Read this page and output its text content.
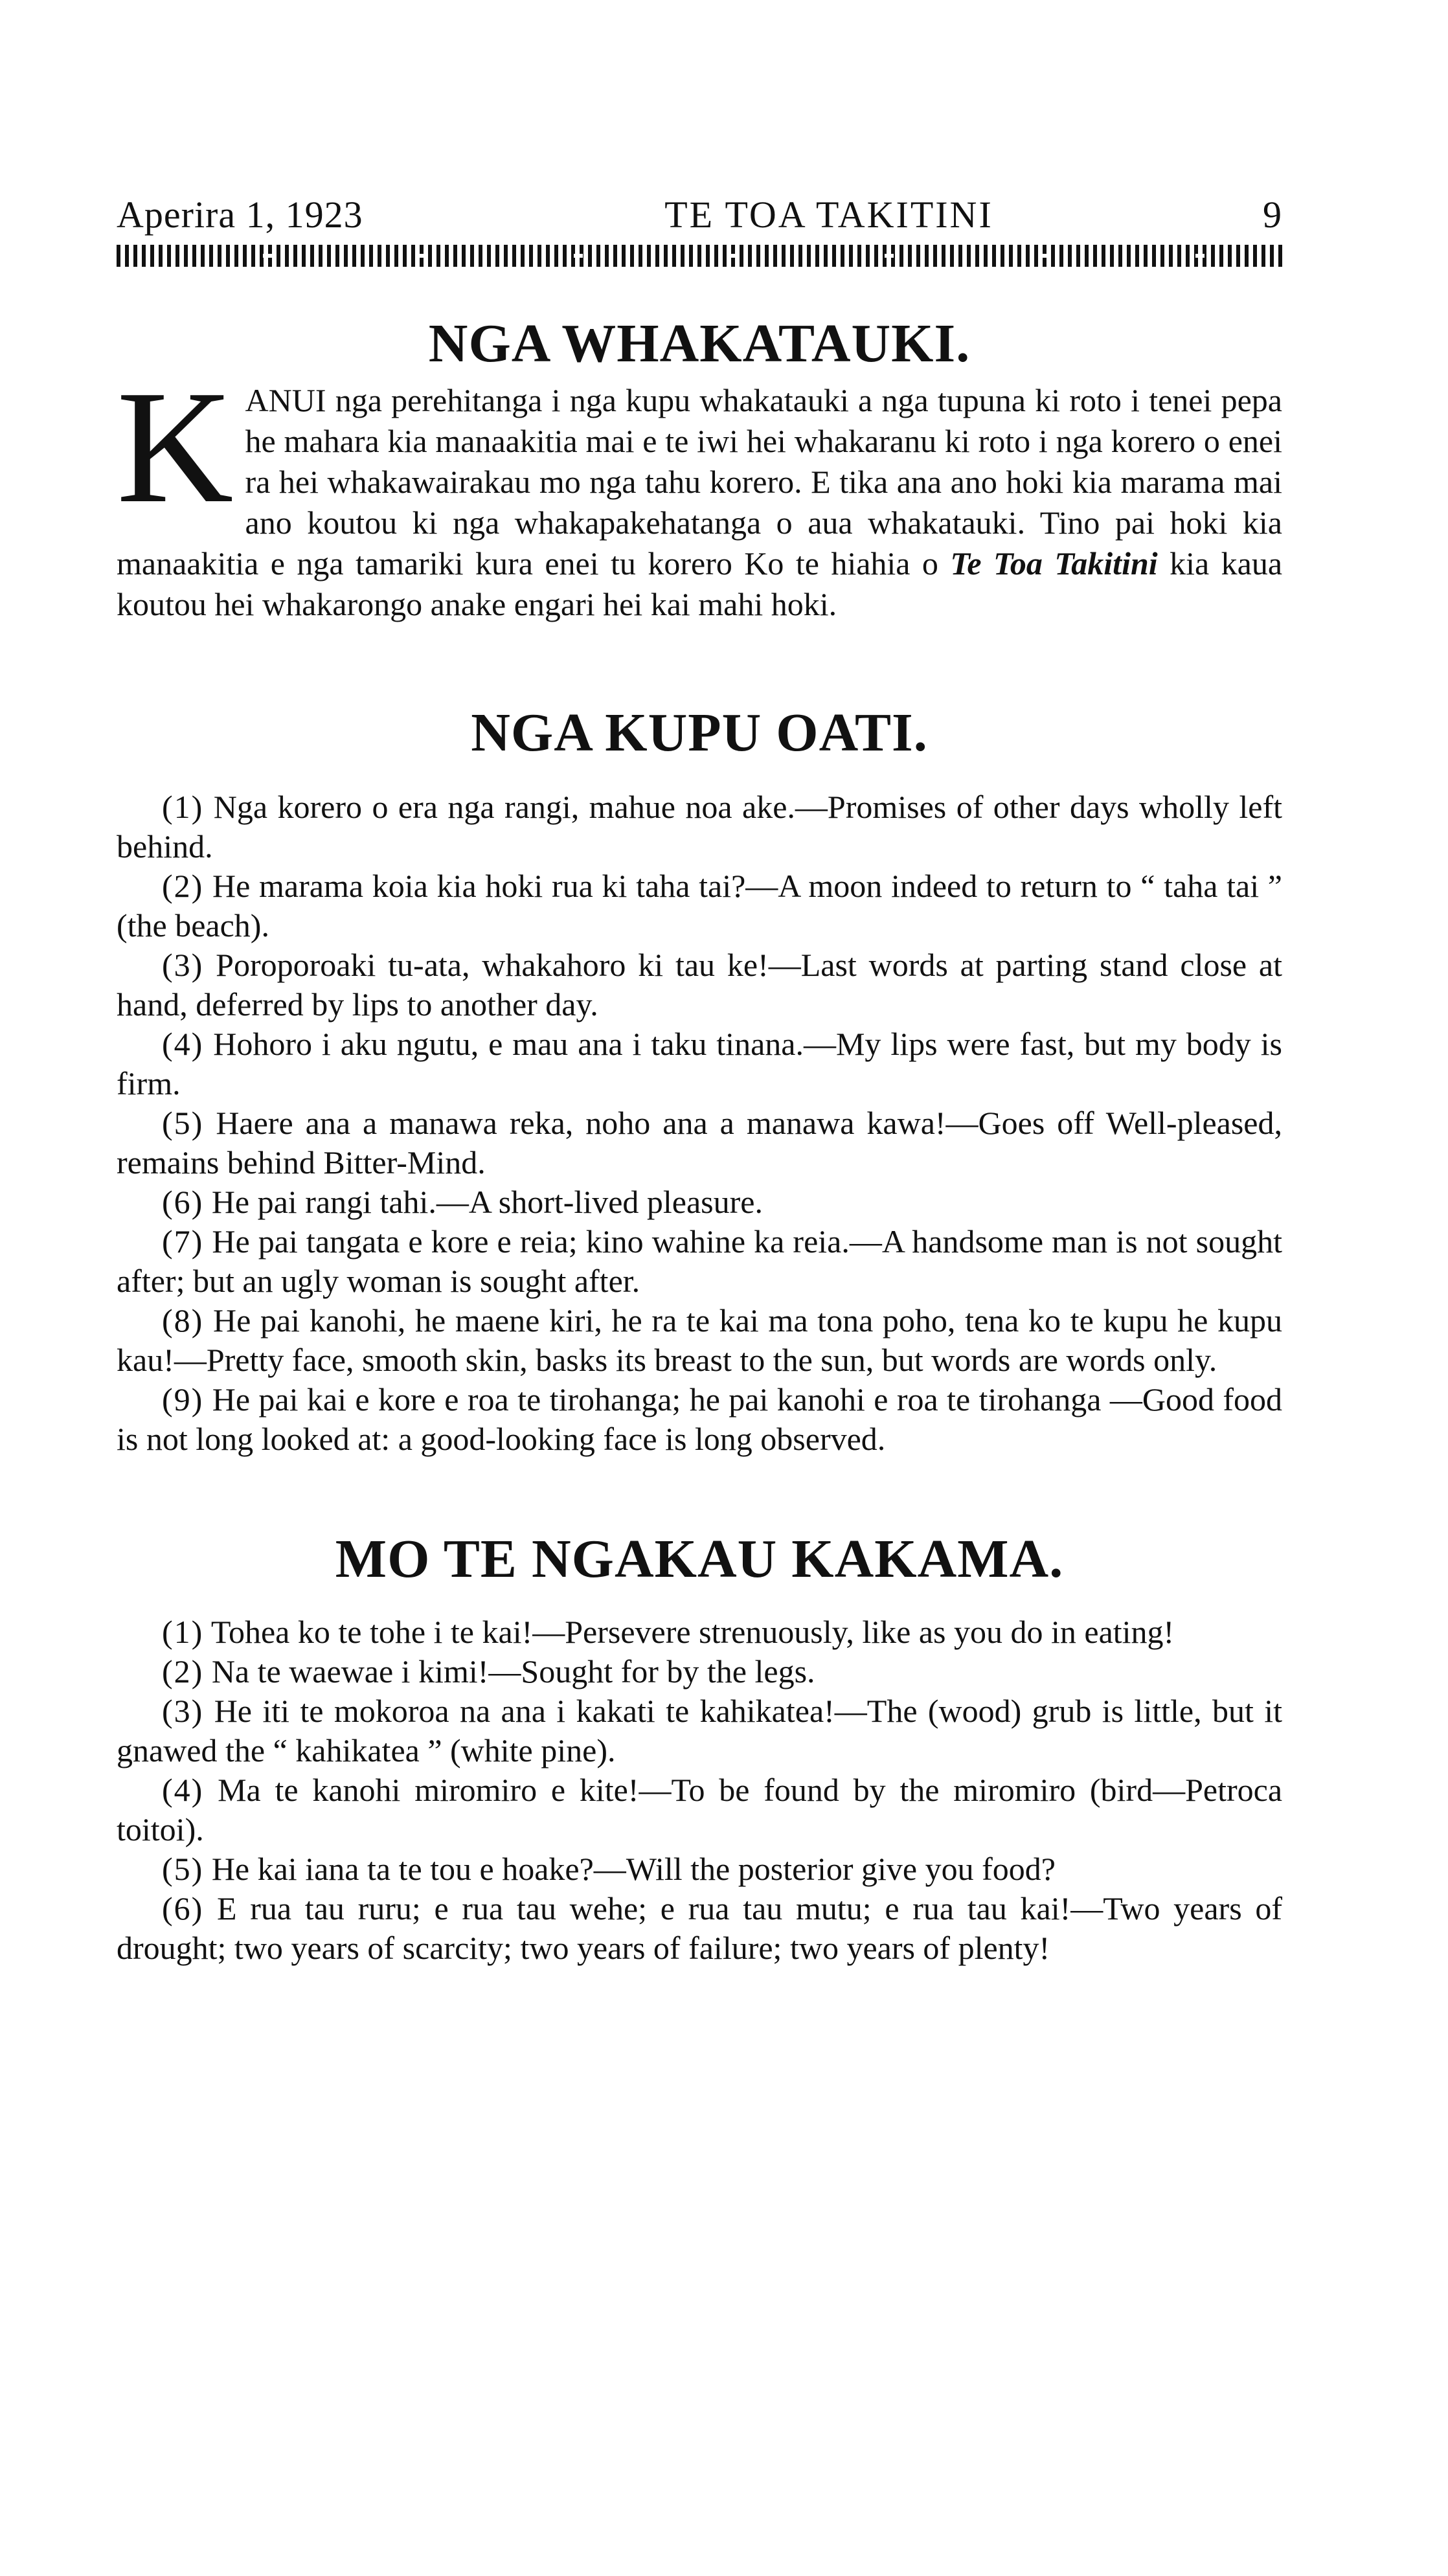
Aperira 1, 1923	TE TOA TAKITINI	9
NGA WHAKATAUKI.

KANUI nga perehitanga i nga kupu whakatauki a nga tupuna ki roto i tenei pepa he mahara kia manaakitia mai e te iwi hei whakaranu ki roto i nga korero o enei ra hei whakawairakau mo nga tahu korero. E tika ana ano hoki kia marama mai ano koutou ki nga whakapakehatanga o aua whakatauki. Tino pai hoki kia manaakitia e nga tamariki kura enei tu korero Ko te hiahia o Te Toa Takitini kia kaua koutou hei whakarongo anake engari hei kai mahi hoki.

NGA KUPU OATI.

(1) Nga korero o era nga rangi, mahue noa ake.—Promises of other days wholly left behind.

(2) He marama koia kia hoki rua ki taha tai?—A moon indeed to return to “ taha tai ” (the beach).

(3) Poroporoaki tu-ata, whakahoro ki tau ke!—Last words at parting stand close at hand, deferred by lips to another day.

(4) Hohoro i aku ngutu, e mau ana i taku tinana.—My lips were fast, but my body is firm.

(5) Haere ana a manawa reka, noho ana a manawa kawa!—Goes off Well-pleased, remains behind Bitter-Mind.

(6) He pai rangi tahi.—A short-lived pleasure.

(7) He pai tangata e kore e reia; kino wahine ka reia.—A handsome man is not sought after; but an ugly woman is sought after.

(8) He pai kanohi, he maene kiri, he ra te kai ma tona poho, tena ko te kupu he kupu kau!—Pretty face, smooth skin, basks its breast to the sun, but words are words only.

(9) He pai kai e kore e roa te tirohanga; he pai kanohi e roa te tirohanga —Good food is not long looked at: a good-looking face is long observed.

MO TE NGAKAU KAKAMA.

(1) Tohea ko te tohe i te kai!—Persevere strenuously, like as you do in eating!

(2) Na te waewae i kimi!—Sought for by the legs.

(3) He iti te mokoroa na ana i kakati te kahikatea!—The (wood) grub is little, but it gnawed the “ kahikatea ” (white pine).

(4) Ma te kanohi miromiro e kite!—To be found by the miromiro (bird—Petroca toitoi).

(5) He kai iana ta te tou e hoake?—Will the posterior give you food?

(6) E rua tau ruru; e rua tau wehe; e rua tau mutu; e rua tau kai!—Two years of drought; two years of scarcity; two years of failure; two years of plenty!
